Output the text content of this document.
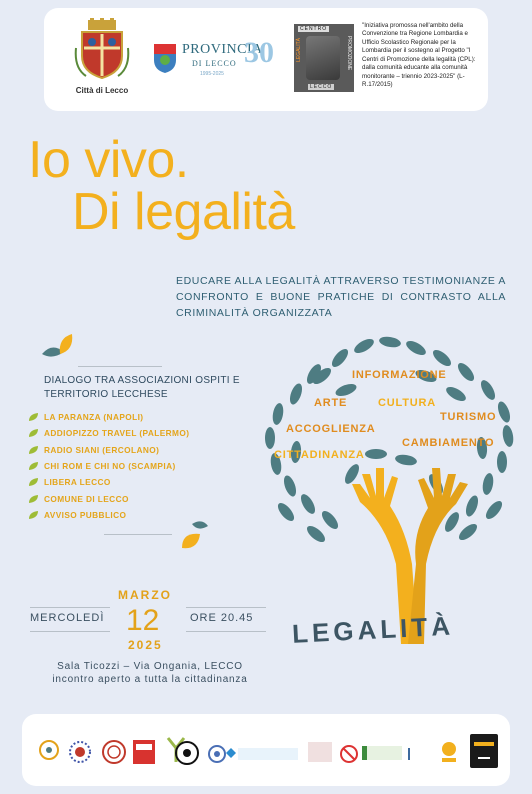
Città di Lecco
PROVINCIA
DI LECCO
1995-2025
30
CENTRO
LEGALITÀ	PROMOZIONE
LECCO
"Iniziativa promossa nell'ambito della Convenzione tra Regione Lombardia e Ufficio Scolastico Regionale per la Lombardia per il sostegno al Progetto "I Centri di Promozione della legalità (CPL): dalla comunità educante alla comunità monitorante – triennio 2023-2025" (L-R.17/2015)
Io vivo.
Di legalità
EDUCARE ALLA LEGALITÀ ATTRAVERSO TESTIMONIANZE A CONFRONTO E BUONE PRATICHE DI CONTRASTO ALLA CRIMINALITÀ ORGANIZZATA
DIALOGO TRA ASSOCIAZIONI OSPITI E TERRITORIO LECCHESE
LA PARANZA (NAPOLI)
ADDIOPIZZO TRAVEL (PALERMO)
RADIO SIANI (ERCOLANO)
CHI ROM E CHI NO (SCAMPIA)
LIBERA LECCO
COMUNE DI LECCO
AVVISO PUBBLICO
MARZO
MERCOLEDÌ 12	ORE 20.45
2025
Sala Ticozzi – Via Ongania, LECCO
incontro aperto a tutta la cittadinanza
INFORMAZIONE
ARTE	CULTURA
TURISMO
ACCOGLIENZA
CAMBIAMENTO
CITTADINANZA
LEGALITÀ
